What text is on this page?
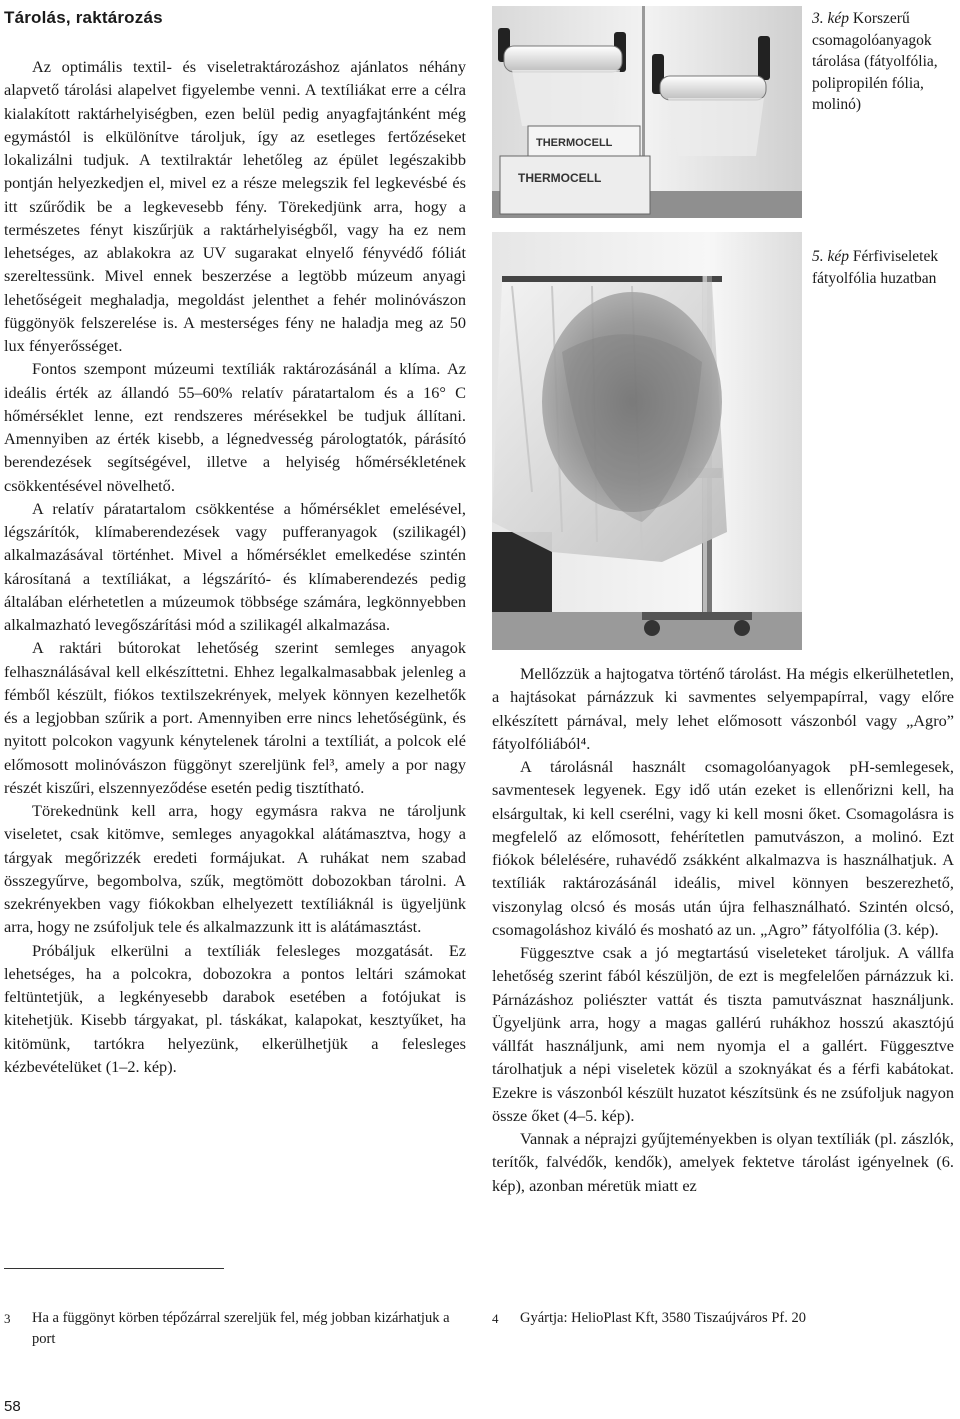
Tárolás, raktározás

Az optimális textil- és viseletraktározáshoz ajánlatos néhány alapvető tárolási alapelvet figyelembe venni. A textíliákat erre a célra kialakított raktárhelyiségben, ezen belül pedig anyagfajtánként még egymástól is elkülönítve tároljuk, így az esetleges fertőzéseket lokalizálni tudjuk. A textilraktár lehetőleg az épület legészakibb pontján helyezkedjen el, mivel ez a része melegszik fel legkevésbé és itt szűrődik be a legkevesebb fény. Törekedjünk arra, hogy a természetes fényt kiszűrjük a raktárhelyiségből, vagy ha ez nem lehetséges, az ablakokra az UV sugarakat elnyelő fényvédő fóliát szereltessünk. Mivel ennek beszerzése a legtöbb múzeum anyagi lehetőségeit meghaladja, megoldást jelenthet a fehér molinóvászon függönyök felszerelése is. A mesterséges fény ne haladja meg az 50 lux fényerősséget.

Fontos szempont múzeumi textíliák raktározásánál a klíma. Az ideális érték az állandó 55–60% relatív páratartalom és a 16° C hőmérséklet lenne, ezt rendszeres mérésekkel be tudjuk állítani. Amennyiben az érték kisebb, a légnedvesség párologtatók, párásító berendezések segítségével, illetve a helyiség hőmérsékletének csökkentésével növelhető.

A relatív páratartalom csökkentése a hőmérséklet emelésével, légszárítók, klímaberendezések vagy pufferanyagok (szilikagél) alkalmazásával történhet. Mivel a hőmérséklet emelkedése szintén károsítaná a textíliákat, a légszárító- és klímaberendezés pedig általában elérhetetlen a múzeumok többsége számára, legkönnyebben alkalmazható levegőszárítási mód a szilikagél alkalmazása.

A raktári bútorokat lehetőség szerint semleges anyagok felhasználásával kell elkészíttetni. Ehhez legalkalmasabbak jelenleg a fémből készült, fiókos textilszekrények, melyek könnyen kezelhetők és a legjobban szűrik a port. Amennyiben erre nincs lehetőségünk, és nyitott polcokon vagyunk kénytelenek tárolni a textíliát, a polcok elé előmosott molinóvászon függönyt szereljünk fel³, amely a por nagy részét kiszűri, elszennyeződése esetén pedig tisztítható.

Törekednünk kell arra, hogy egymásra rakva ne tároljunk viseletet, csak kitömve, semleges anyagokkal alátámasztva, hogy a tárgyak megőrizzék eredeti formájukat. A ruhákat nem szabad összegyűrve, begombolva, szűk, megtömött dobozokban tárolni. A szekrényekben vagy fiókokban elhelyezett textíliáknál is ügyeljünk arra, hogy ne zsúfoljuk tele és alkalmazzunk itt is alátámasztást.

Próbáljuk elkerülni a textíliák felesleges mozgatását. Ez lehetséges, ha a polcokra, dobozokra a pontos leltári számokat feltüntetjük, a legkényesebb darabok esetében a fotójukat is kitehetjük. Kisebb tárgyakat, pl. táskákat, kalapokat, kesztyűket, ha kitömünk, tartókra helyezünk, elkerülhetjük a felesleges kézbevételüket (1–2. kép).

THERMOCELL
THERMOCELL
3. kép Korszerű csomagolóanyagok tárolása (fátyolfólia, polipropilén fólia, molinó)
5. kép Férfiviseletek fátyolfólia huzatban

Mellőzzük a hajtogatva történő tárolást. Ha mégis elkerülhetetlen, a hajtásokat párnázzuk ki savmentes selyempapírral, vagy előre elkészített párnával, mely lehet előmosott vászonból vagy „Agro” fátyolfóliából⁴.

A tárolásnál használt csomagolóanyagok pH-semlegesek, savmentesek legyenek. Egy idő után ezeket is ellenőrizni kell, ha elsárgultak, ki kell cserélni, vagy ki kell mosni őket. Csomagolásra is megfelelő az előmosott, fehérítetlen pamutvászon, a molinó. Ezt fiókok bélelésére, ruhavédő zsákként alkalmazva is használhatjuk. A textíliák raktározásánál ideális, mivel könnyen beszerezhető, viszonylag olcsó és mosás után újra felhasználható. Szintén olcsó, csomagoláshoz kiváló és mosható az un. „Agro” fátyolfólia (3. kép).

Függesztve csak a jó megtartású viseleteket tároljuk. A vállfa lehetőség szerint fából készüljön, de ezt is megfelelően párnázzuk ki. Párnázáshoz poliészter vattát és tiszta pamutvásznat használjunk. Ügyeljünk arra, hogy a magas gallérú ruhákhoz hosszú akasztójú vállfát használjunk, ami nem nyomja el a gallért. Függesztve tárolhatjuk a népi viseletek közül a szoknyákat és a férfi kabátokat. Ezekre is vászonból készült huzatot készítsünk és ne zsúfoljuk nagyon össze őket (4–5. kép).

Vannak a néprajzi gyűjteményekben is olyan textíliák (pl. zászlók, terítők, falvédők, kendők), amelyek fektetve tárolást igényelnek (6. kép), azonban méretük miatt ez

3 Ha a függönyt körben tépőzárral szereljük fel, még jobban kizárhatjuk a port
4 Gyártja: HelioPlast Kft, 3580 Tiszaújváros Pf. 20
58
